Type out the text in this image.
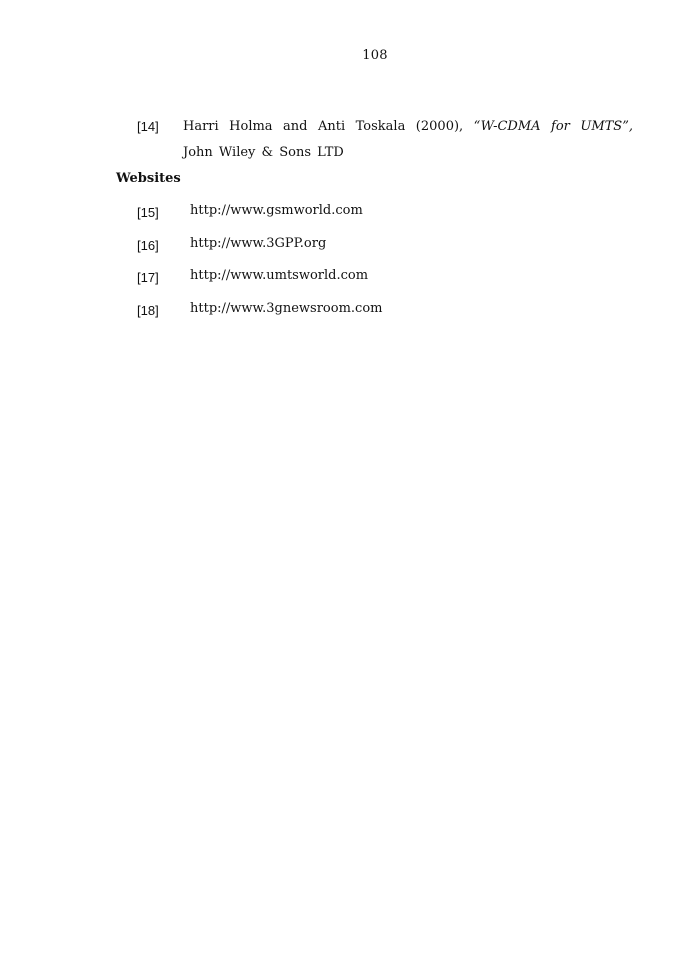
108
[14] Harri Holma and Anti Toskala (2000), “W-CDMA for UMTS”, John Wiley & Sons LTD
Websites
[15] http://www.gsmworld.com
[16] http://www.3GPP.org
[17] http://www.umtsworld.com
[18] http://www.3gnewsroom.com
